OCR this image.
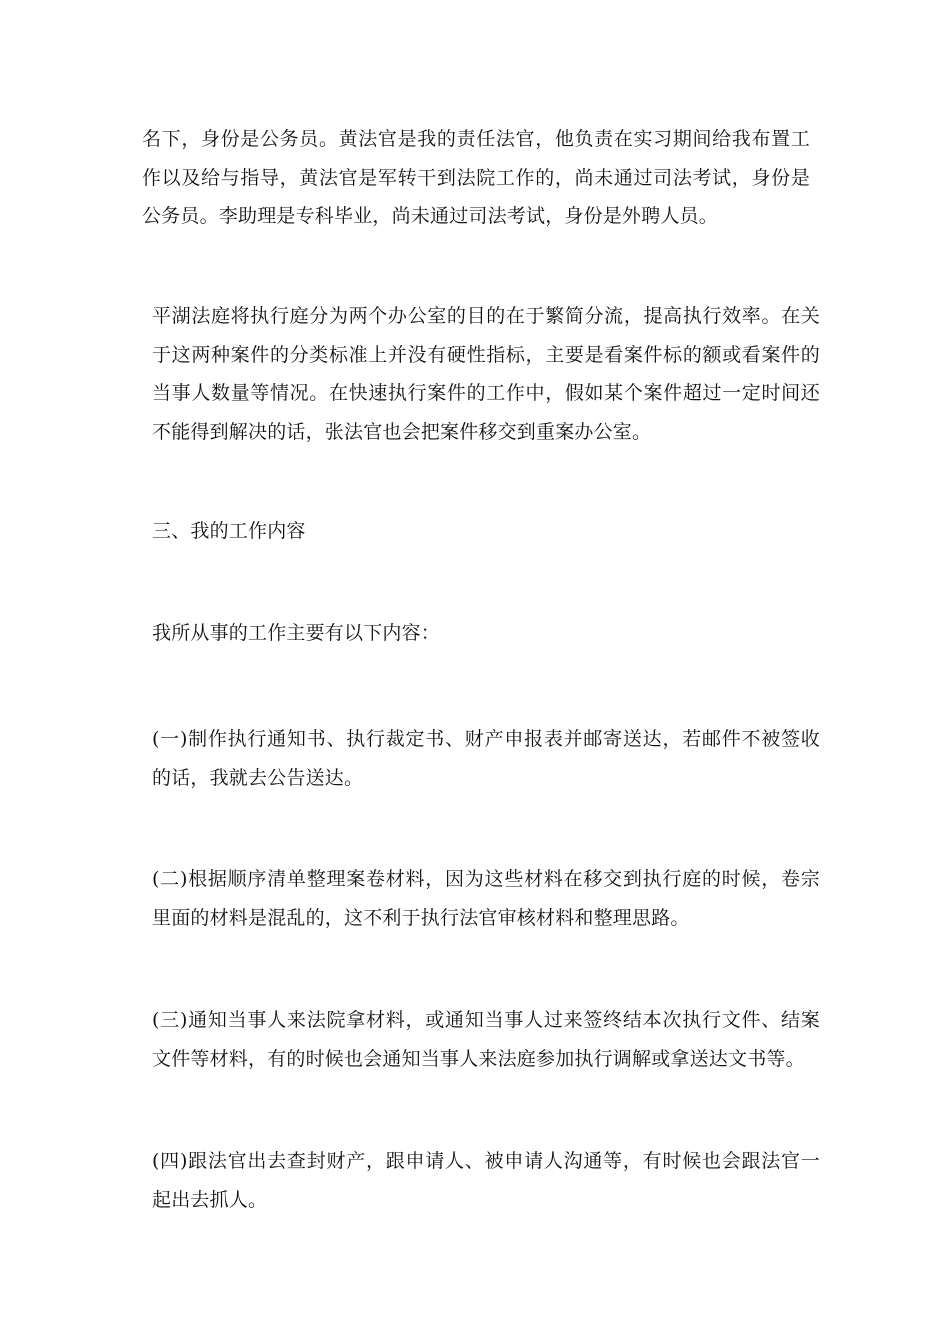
名下，身份是公务员。黄法官是我的责任法官，他负责在实习期间给我布置工作以及给与指导，黄法官是军转干到法院工作的，尚未通过司法考试，身份是公务员。李助理是专科毕业，尚未通过司法考试，身份是外聘人员。

平湖法庭将执行庭分为两个办公室的目的在于繁简分流，提高执行效率。在关于这两种案件的分类标准上并没有硬性指标，主要是看案件标的额或看案件的当事人数量等情况。在快速执行案件的工作中，假如某个案件超过一定时间还不能得到解决的话，张法官也会把案件移交到重案办公室。

三、我的工作内容

我所从事的工作主要有以下内容：

(一)制作执行通知书、执行裁定书、财产申报表并邮寄送达，若邮件不被签收的话，我就去公告送达。

(二)根据顺序清单整理案卷材料，因为这些材料在移交到执行庭的时候，卷宗里面的材料是混乱的，这不利于执行法官审核材料和整理思路。

(三)通知当事人来法院拿材料，或通知当事人过来签终结本次执行文件、结案文件等材料，有的时候也会通知当事人来法庭参加执行调解或拿送达文书等。

(四)跟法官出去查封财产，跟申请人、被申请人沟通等，有时候也会跟法官一起出去抓人。
